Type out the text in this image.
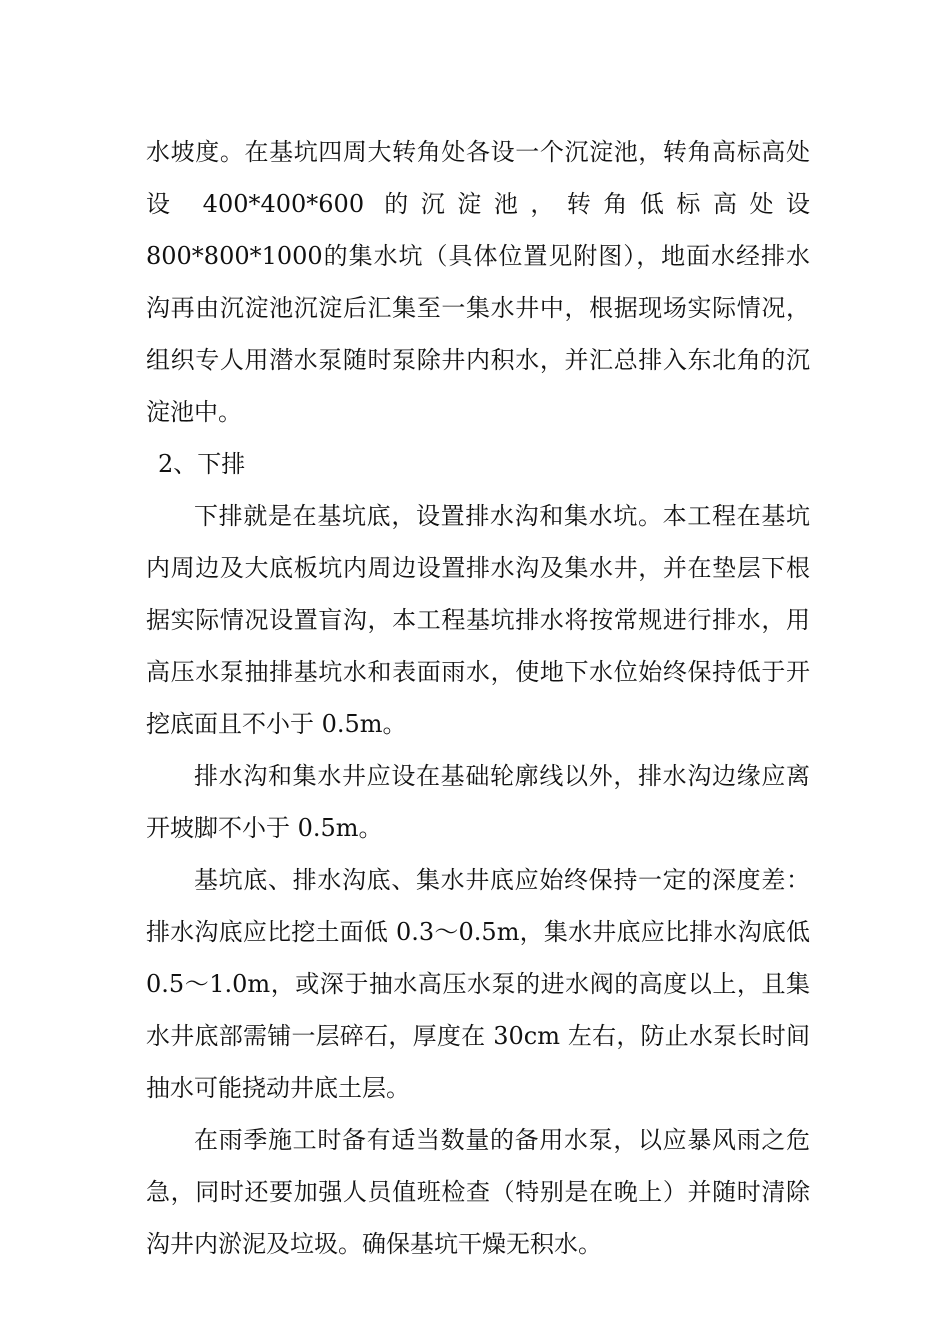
水坡度。在基坑四周大转角处各设一个沉淀池，转角高标高处设 400*400*600 的沉淀池，转角低标高处设800*800*1000的集水坑（具体位置见附图），地面水经排水沟再由沉淀池沉淀后汇集至一集水井中，根据现场实际情况，组织专人用潜水泵随时泵除井内积水，并汇总排入东北角的沉淀池中。

2、下排

下排就是在基坑底，设置排水沟和集水坑。本工程在基坑内周边及大底板坑内周边设置排水沟及集水井，并在垫层下根据实际情况设置盲沟，本工程基坑排水将按常规进行排水，用高压水泵抽排基坑水和表面雨水，使地下水位始终保持低于开挖底面且不小于 0.5m。

排水沟和集水井应设在基础轮廓线以外，排水沟边缘应离开坡脚不小于 0.5m。

基坑底、排水沟底、集水井底应始终保持一定的深度差：排水沟底应比挖土面低 0.3～0.5m，集水井底应比排水沟底低 0.5～1.0m，或深于抽水高压水泵的进水阀的高度以上，且集水井底部需铺一层碎石，厚度在 30cm 左右，防止水泵长时间抽水可能挠动井底土层。

在雨季施工时备有适当数量的备用水泵，以应暴风雨之危急，同时还要加强人员值班检查（特别是在晚上）并随时清除沟井内淤泥及垃圾。确保基坑干燥无积水。
